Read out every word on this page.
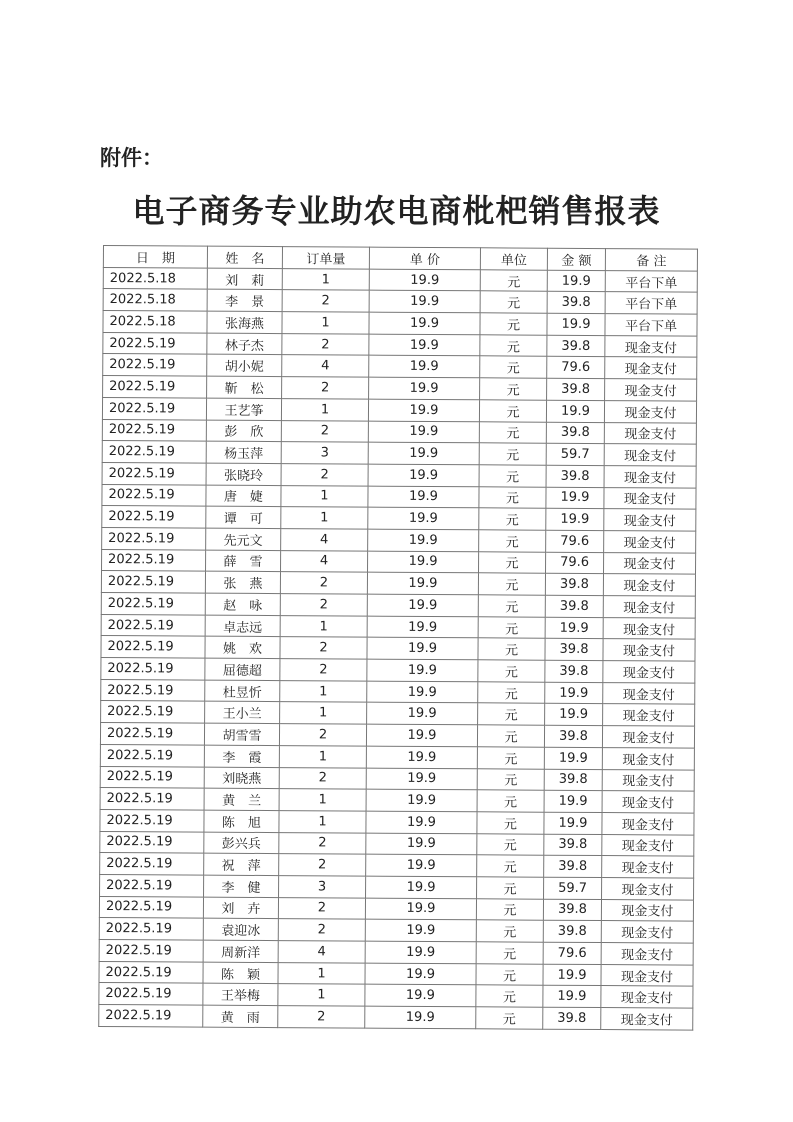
附件：
电子商务专业助农电商枇杷销售报表
日　期	姓　名	订单量	单 价	单位	金 额	备 注
2022.5.18	刘　莉	1	19.9	元	19.9	平台下单
2022.5.18	李　景	2	19.9	元	39.8	平台下单
2022.5.18	张海燕	1	19.9	元	19.9	平台下单
2022.5.19	林子杰	2	19.9	元	39.8	现金支付
2022.5.19	胡小妮	4	19.9	元	79.6	现金支付
2022.5.19	靳　松	2	19.9	元	39.8	现金支付
2022.5.19	王艺筝	1	19.9	元	19.9	现金支付
2022.5.19	彭　欣	2	19.9	元	39.8	现金支付
2022.5.19	杨玉萍	3	19.9	元	59.7	现金支付
2022.5.19	张晓玲	2	19.9	元	39.8	现金支付
2022.5.19	唐　婕	1	19.9	元	19.9	现金支付
2022.5.19	谭　可	1	19.9	元	19.9	现金支付
2022.5.19	先元文	4	19.9	元	79.6	现金支付
2022.5.19	薛　雪	4	19.9	元	79.6	现金支付
2022.5.19	张　燕	2	19.9	元	39.8	现金支付
2022.5.19	赵　咏	2	19.9	元	39.8	现金支付
2022.5.19	卓志远	1	19.9	元	19.9	现金支付
2022.5.19	姚　欢	2	19.9	元	39.8	现金支付
2022.5.19	屈德超	2	19.9	元	39.8	现金支付
2022.5.19	杜昱忻	1	19.9	元	19.9	现金支付
2022.5.19	王小兰	1	19.9	元	19.9	现金支付
2022.5.19	胡雪雪	2	19.9	元	39.8	现金支付
2022.5.19	李　霞	1	19.9	元	19.9	现金支付
2022.5.19	刘晓燕	2	19.9	元	39.8	现金支付
2022.5.19	黄　兰	1	19.9	元	19.9	现金支付
2022.5.19	陈　旭	1	19.9	元	19.9	现金支付
2022.5.19	彭兴兵	2	19.9	元	39.8	现金支付
2022.5.19	祝　萍	2	19.9	元	39.8	现金支付
2022.5.19	李　健	3	19.9	元	59.7	现金支付
2022.5.19	刘　卉	2	19.9	元	39.8	现金支付
2022.5.19	袁迎冰	2	19.9	元	39.8	现金支付
2022.5.19	周新洋	4	19.9	元	79.6	现金支付
2022.5.19	陈　颖	1	19.9	元	19.9	现金支付
2022.5.19	王举梅	1	19.9	元	19.9	现金支付
2022.5.19	黄　雨	2	19.9	元	39.8	现金支付
